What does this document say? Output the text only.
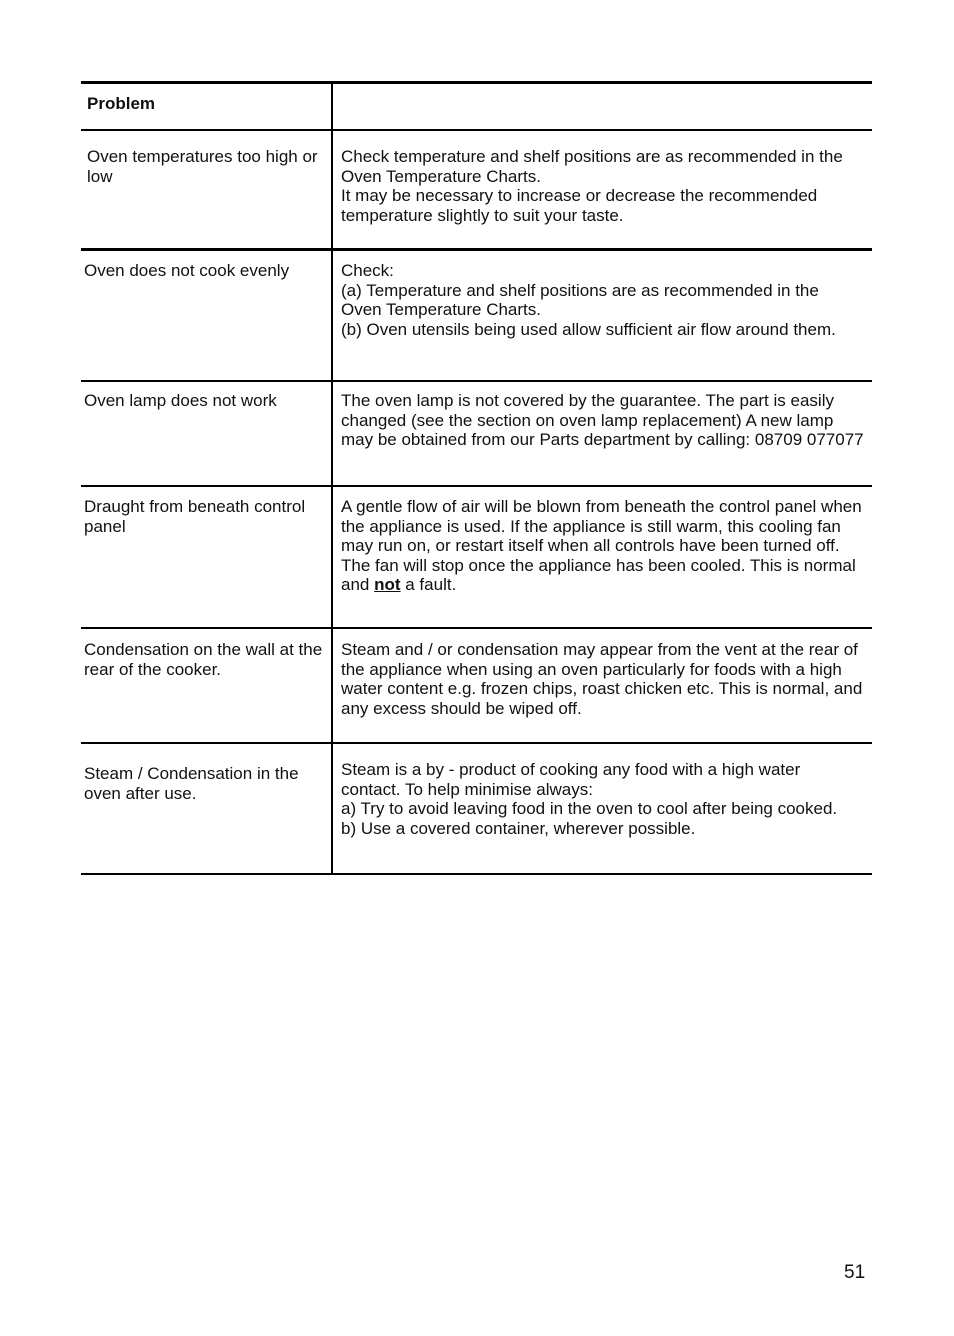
Problem
Oven temperatures too high or low
Check temperature and shelf positions are as recommended in the Oven Temperature Charts.
It may be necessary to increase or decrease the recommended temperature slightly to suit your taste.
Oven does not cook evenly	Check:
(a) Temperature and shelf positions are as recommended in the Oven Temperature Charts.
(b) Oven utensils being used allow sufficient air flow around them.
Oven lamp does not work	The oven lamp is not covered by the guarantee. The part is easily changed (see the section on oven lamp replacement) A new lamp may be obtained from our Parts department by calling: 08709 077077
Draught from beneath control panel
A gentle flow of air will be blown from beneath the control panel when the appliance is used. If the appliance is still warm, this cooling fan may run on, or restart itself when all controls have been turned off.
The fan will stop once the appliance has been cooled. This is normal and not a fault.
Condensation on the wall at the rear of the cooker.
Steam and / or condensation may appear from the vent at the rear of the appliance when using an oven particularly for foods with a high water content e.g. frozen chips, roast chicken etc. This is normal, and any excess should be wiped off.
Steam / Condensation in the oven after use.
Steam is a by - product of cooking any food with a high water contact. To help minimise always:
a) Try to avoid leaving food in the oven to cool after being cooked.
b) Use a covered container, wherever possible.
51
